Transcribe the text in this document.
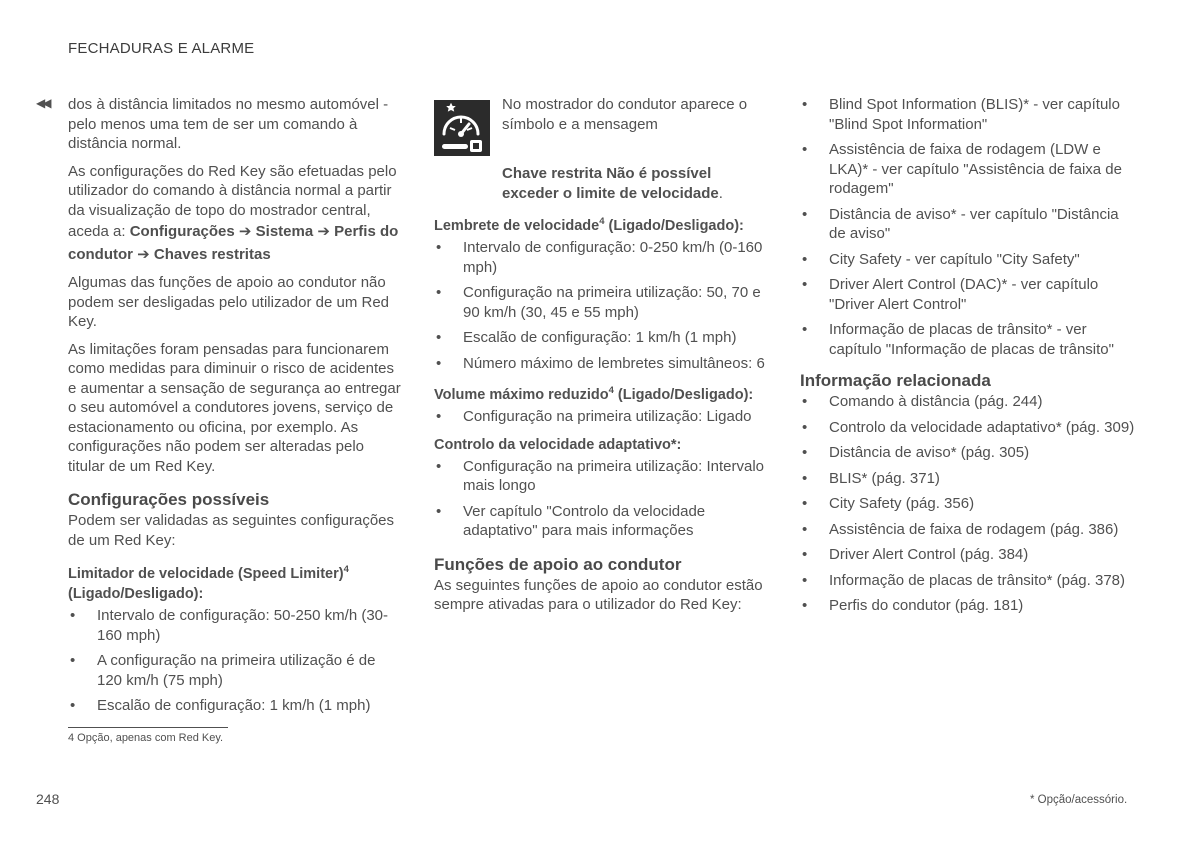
FECHADURAS E ALARME
◀◀ dos à distância limitados no mesmo automóvel - pelo menos uma tem de ser um comando à distância normal.

As configurações do Red Key são efetuadas pelo utilizador do comando à distância normal a partir da visualização de topo do mostrador central,

aceda a: Configurações ➔ Sistema ➔ Perfis do condutor ➔ Chaves restritas

Algumas das funções de apoio ao condutor não podem ser desligadas pelo utilizador de um Red Key.

As limitações foram pensadas para funcionarem como medidas para diminuir o risco de acidentes e aumentar a sensação de segurança ao entregar o seu automóvel a condutores jovens, serviço de estacionamento ou oficina, por exemplo. As configurações não podem ser alteradas pelo titular de um Red Key.

Configurações possíveis

Podem ser validadas as seguintes configurações de um Red Key:

Limitador de velocidade (Speed Limiter)$^4$
(Ligado/Desligado):
• Intervalo de configuração: 50-250 km/h (30-160 mph)
• A configuração na primeira utilização é de 120 km/h (75 mph)
• Escalão de configuração: 1 km/h (1 mph)

No mostrador do condutor aparece o símbolo e a mensagem

Chave restrita Não é possível exceder o limite de velocidade.

Lembrete de velocidade$^4$ (Ligado/Desligado):
• Intervalo de configuração: 0-250 km/h (0-160 mph)
• Configuração na primeira utilização: 50, 70 e 90 km/h (30, 45 e 55 mph)
• Escalão de configuração: 1 km/h (1 mph)
• Número máximo de lembretes simultâneos: 6
Volume máximo reduzido$^4$ (Ligado/Desligado):
• Configuração na primeira utilização: Ligado
Controlo da velocidade adaptativo*:
• Configuração na primeira utilização: Intervalo mais longo
• Ver capítulo "Controlo da velocidade adaptativo" para mais informações
Funções de apoio ao condutor

As seguintes funções de apoio ao condutor estão sempre ativadas para o utilizador do Red Key:

• Blind Spot Information (BLIS)* - ver capítulo "Blind Spot Information"
• Assistência de faixa de rodagem (LDW e LKA)* - ver capítulo "Assistência de faixa de rodagem"
• Distância de aviso* - ver capítulo "Distância de aviso"
• City Safety - ver capítulo "City Safety"
• Driver Alert Control (DAC)* - ver capítulo "Driver Alert Control"
• Informação de placas de trânsito* - ver capítulo "Informação de placas de trânsito"
Informação relacionada
• Comando à distância (pág. 244)
• Controlo da velocidade adaptativo* (pág. 309)
• Distância de aviso* (pág. 305)
• BLIS* (pág. 371)
• City Safety (pág. 356)
• Assistência de faixa de rodagem (pág. 386)
• Driver Alert Control (pág. 384)
• Informação de placas de trânsito* (pág. 378)
• Perfis do condutor (pág. 181)
4 Opção, apenas com Red Key.
248	* Opção/acessório.
